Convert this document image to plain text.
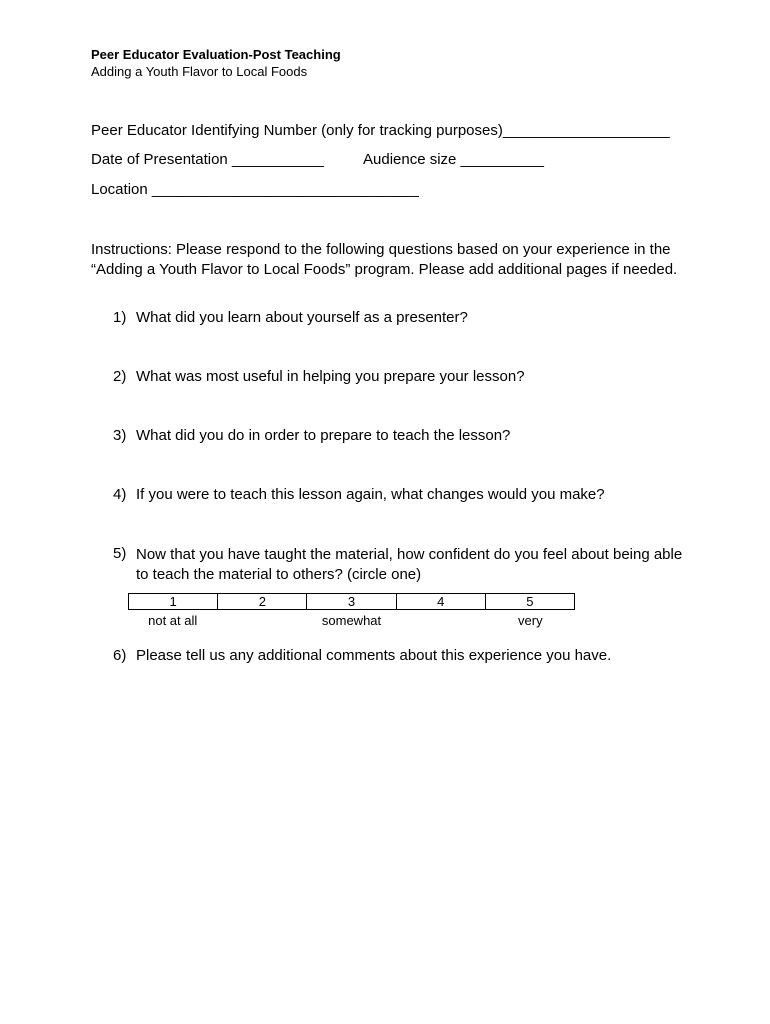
Peer Educator Evaluation-Post Teaching
Adding a Youth Flavor to Local Foods
Peer Educator Identifying Number (only for tracking purposes)____________________
Date of Presentation ___________	Audience size __________
Location ________________________________
Instructions: Please respond to the following questions based on your experience in the “Adding a Youth Flavor to Local Foods” program. Please add additional pages if needed.
1) What did you learn about yourself as a presenter?
2) What was most useful in helping you prepare your lesson?
3) What did you do in order to prepare to teach the lesson?
4) If you were to teach this lesson again, what changes would you make?
5) Now that you have taught the material, how confident do you feel about being able to teach the material to others? (circle one)
1	2	3	4	5
not at all	somewhat	very
6) Please tell us any additional comments about this experience you have.
